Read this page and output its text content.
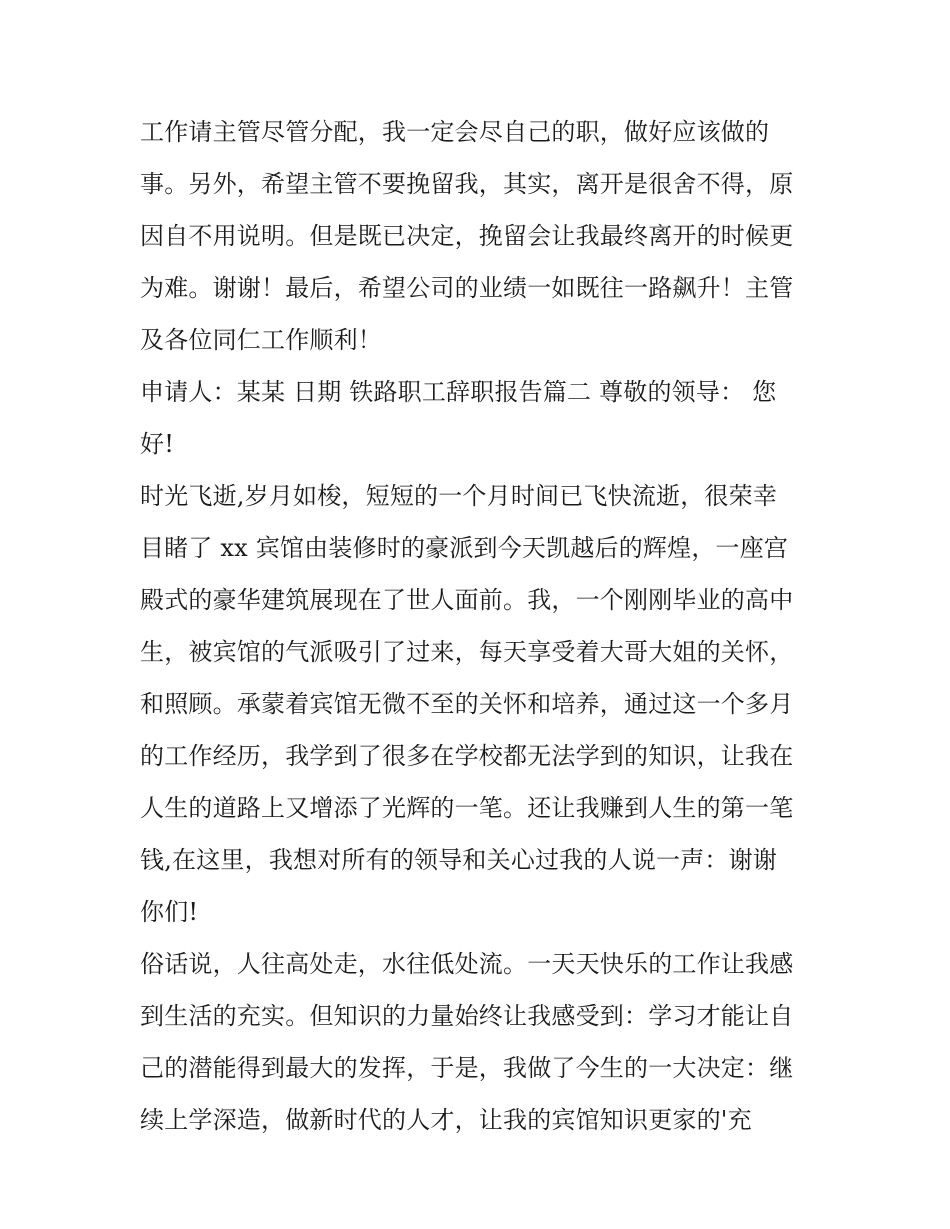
工作请主管尽管分配，我一定会尽自己的职，做好应该做的
事。另外，希望主管不要挽留我，其实，离开是很舍不得，原
因自不用说明。但是既已决定，挽留会让我最终离开的时候更
为难。谢谢！最后，希望公司的业绩一如既往一路飙升！主管
及各位同仁工作顺利！
申请人：某某 日期 铁路职工辞职报告篇二 尊敬的领导： 您
好!
时光飞逝,岁月如梭，短短的一个月时间已飞快流逝，很荣幸
目睹了 xx 宾馆由装修时的豪派到今天凯越后的辉煌，一座宫
殿式的豪华建筑展现在了世人面前。我，一个刚刚毕业的高中
生，被宾馆的气派吸引了过来，每天享受着大哥大姐的关怀，
和照顾。承蒙着宾馆无微不至的关怀和培养，通过这一个多月
的工作经历，我学到了很多在学校都无法学到的知识，让我在
人生的道路上又增添了光辉的一笔。还让我赚到人生的第一笔
钱,在这里，我想对所有的领导和关心过我的人说一声：谢谢
你们!
俗话说，人往高处走，水往低处流。一天天快乐的工作让我感
到生活的充实。但知识的力量始终让我感受到：学习才能让自
己的潜能得到最大的发挥，于是，我做了今生的一大决定：继
续上学深造，做新时代的人才，让我的宾馆知识更家的'充
